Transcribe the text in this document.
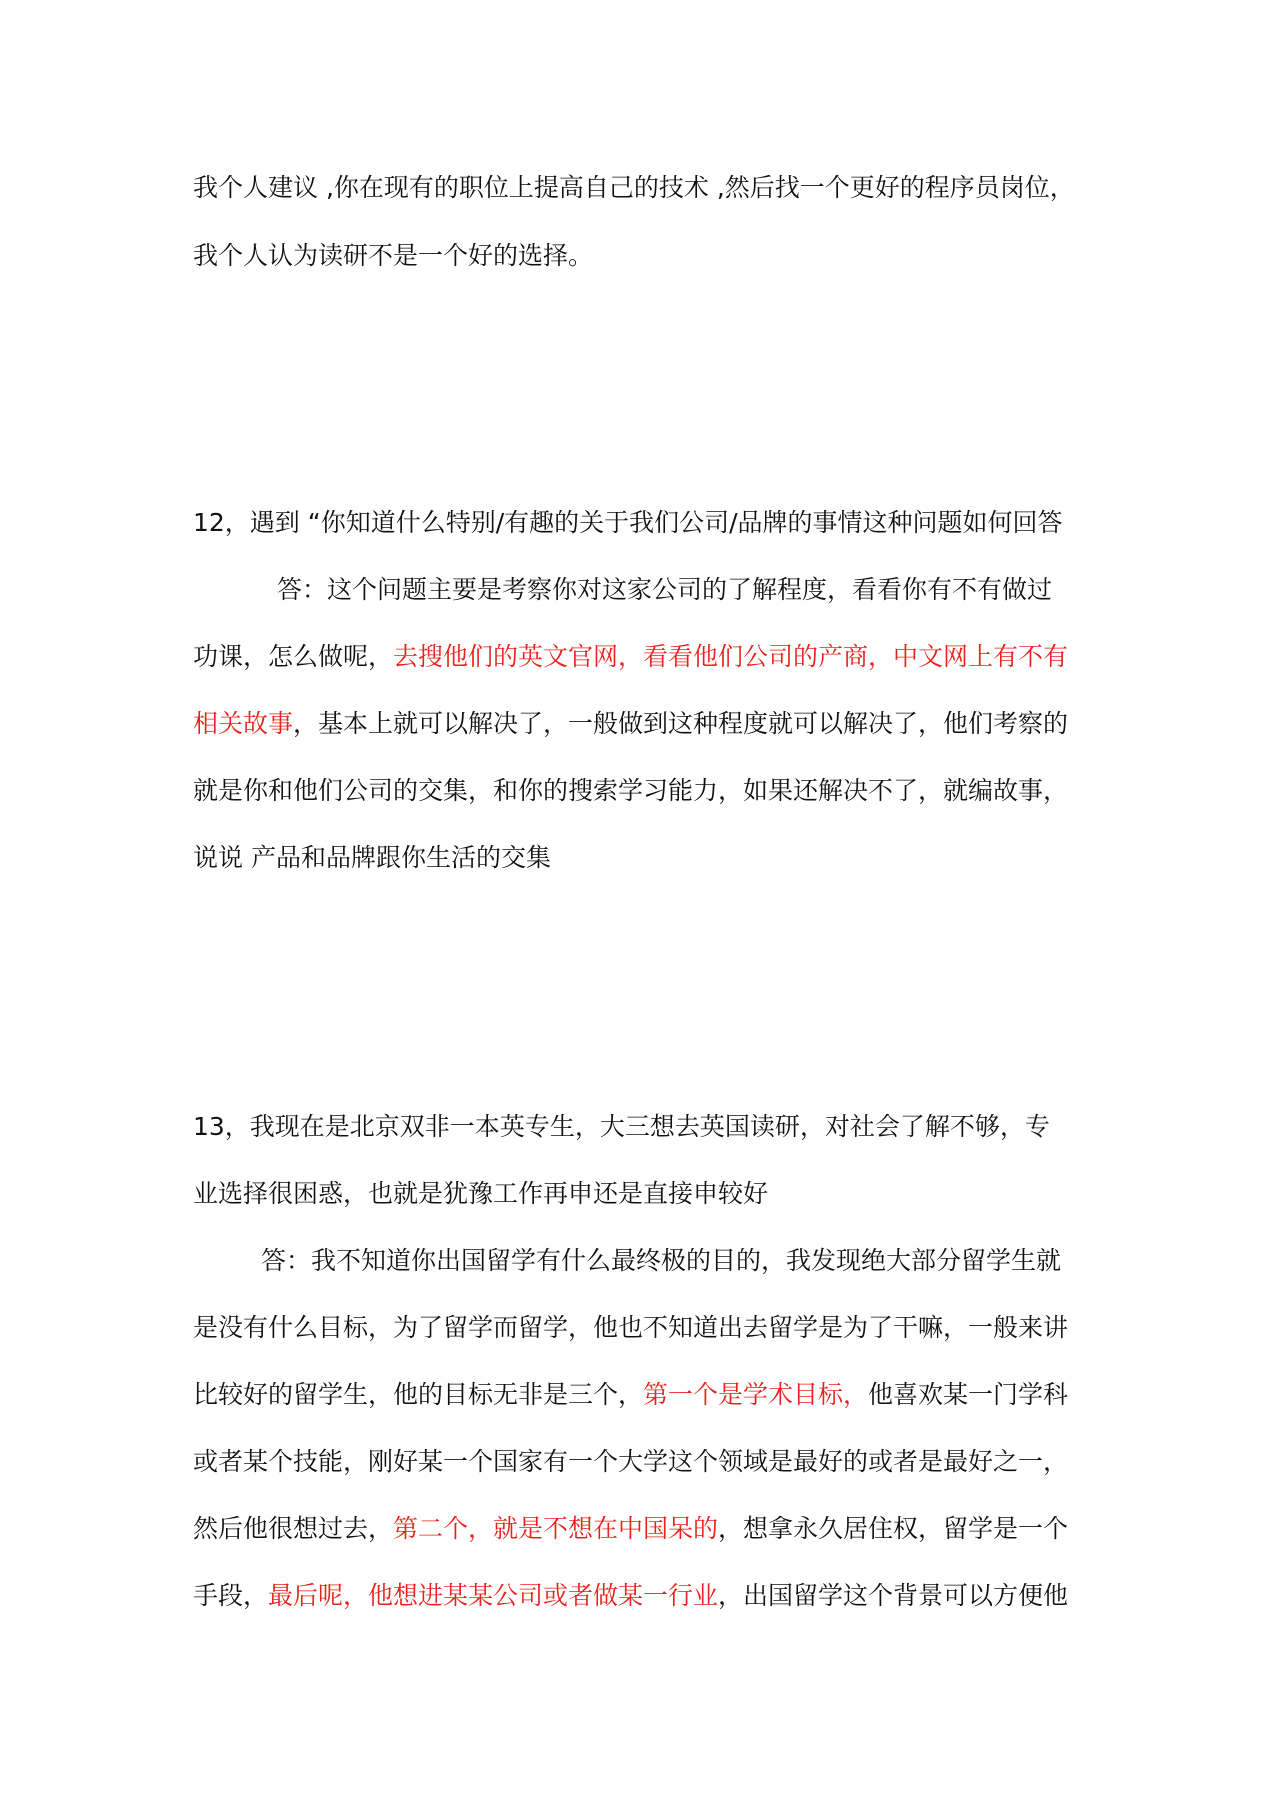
我个人建议 ,你在现有的职位上提高自己的技术 ,然后找一个更好的程序员岗位，
我个人认为读研不是一个好的选择。
12，遇到 “你知道什么特别/有趣的关于我们公司/品牌的事情这种问题如何回答
答：这个问题主要是考察你对这家公司的了解程度，看看你有不有做过
功课，怎么做呢，去搜他们的英文官网，看看他们公司的产商，中文网上有不有
相关故事，基本上就可以解决了，一般做到这种程度就可以解决了，他们考察的
就是你和他们公司的交集，和你的搜索学习能力，如果还解决不了，就编故事，
说说 产品和品牌跟你生活的交集
13，我现在是北京双非一本英专生，大三想去英国读研，对社会了解不够，专
业选择很困惑，也就是犹豫工作再申还是直接申较好
答：我不知道你出国留学有什么最终极的目的，我发现绝大部分留学生就
是没有什么目标，为了留学而留学，他也不知道出去留学是为了干嘛，一般来讲
比较好的留学生，他的目标无非是三个，第一个是学术目标，他喜欢某一门学科
或者某个技能，刚好某一个国家有一个大学这个领域是最好的或者是最好之一，
然后他很想过去，第二个，就是不想在中国呆的，想拿永久居住权，留学是一个
手段，最后呢，他想进某某公司或者做某一行业，出国留学这个背景可以方便他
